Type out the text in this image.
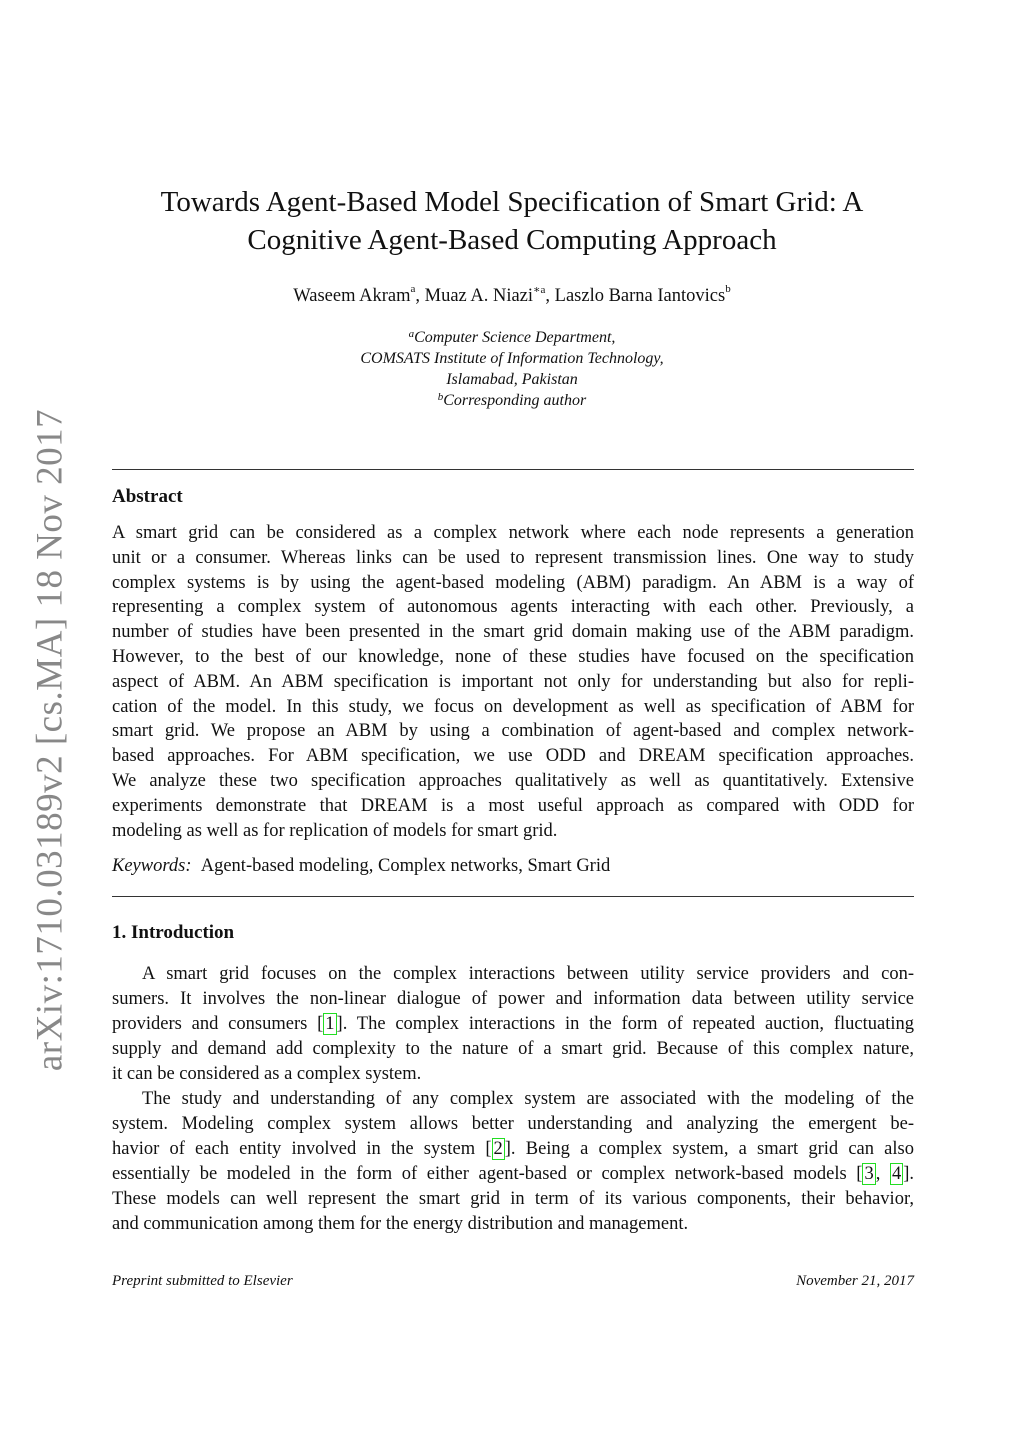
arXiv:1710.03189v2 [cs.MA] 18 Nov 2017
Towards Agent-Based Model Specification of Smart Grid: A
Cognitive Agent-Based Computing Approach
Waseem Akram$^a$, Muaz A. Niazi$^{∗a}$, Laszlo Barna Iantovics$^b$
$^a$Computer Science Department,
COMSATS Institute of Information Technology,
Islamabad, Pakistan
$^b$Corresponding author
Abstract
A smart grid can be considered as a complex network where each node represents a generation
unit or a consumer. Whereas links can be used to represent transmission lines. One way to study
complex systems is by using the agent-based modeling (ABM) paradigm. An ABM is a way of
representing a complex system of autonomous agents interacting with each other. Previously, a
number of studies have been presented in the smart grid domain making use of the ABM paradigm.
However, to the best of our knowledge, none of these studies have focused on the specification
aspect of ABM. An ABM specification is important not only for understanding but also for repli-
cation of the model. In this study, we focus on development as well as specification of ABM for
smart grid. We propose an ABM by using a combination of agent-based and complex network-
based approaches. For ABM specification, we use ODD and DREAM specification approaches.
We analyze these two specification approaches qualitatively as well as quantitatively. Extensive
experiments demonstrate that DREAM is a most useful approach as compared with ODD for
modeling as well as for replication of models for smart grid.
Keywords: Agent-based modeling, Complex networks, Smart Grid
1. Introduction
A smart grid focuses on the complex interactions between utility service providers and con-
sumers. It involves the non-linear dialogue of power and information data between utility service
providers and consumers [ 1 ]. The complex interactions in the form of repeated auction, fluctuating
supply and demand add complexity to the nature of a smart grid. Because of this complex nature,
it can be considered as a complex system.
The study and understanding of any complex system are associated with the modeling of the
system. Modeling complex system allows better understanding and analyzing the emergent be-
havior of each entity involved in the system [ 2 ]. Being a complex system, a smart grid can also
essentially be modeled in the form of either agent-based or complex network-based models [ 3 , 4 ].
These models can well represent the smart grid in term of its various components, their behavior,
and communication among them for the energy distribution and management.
Preprint submitted to Elsevier	November 21, 2017
